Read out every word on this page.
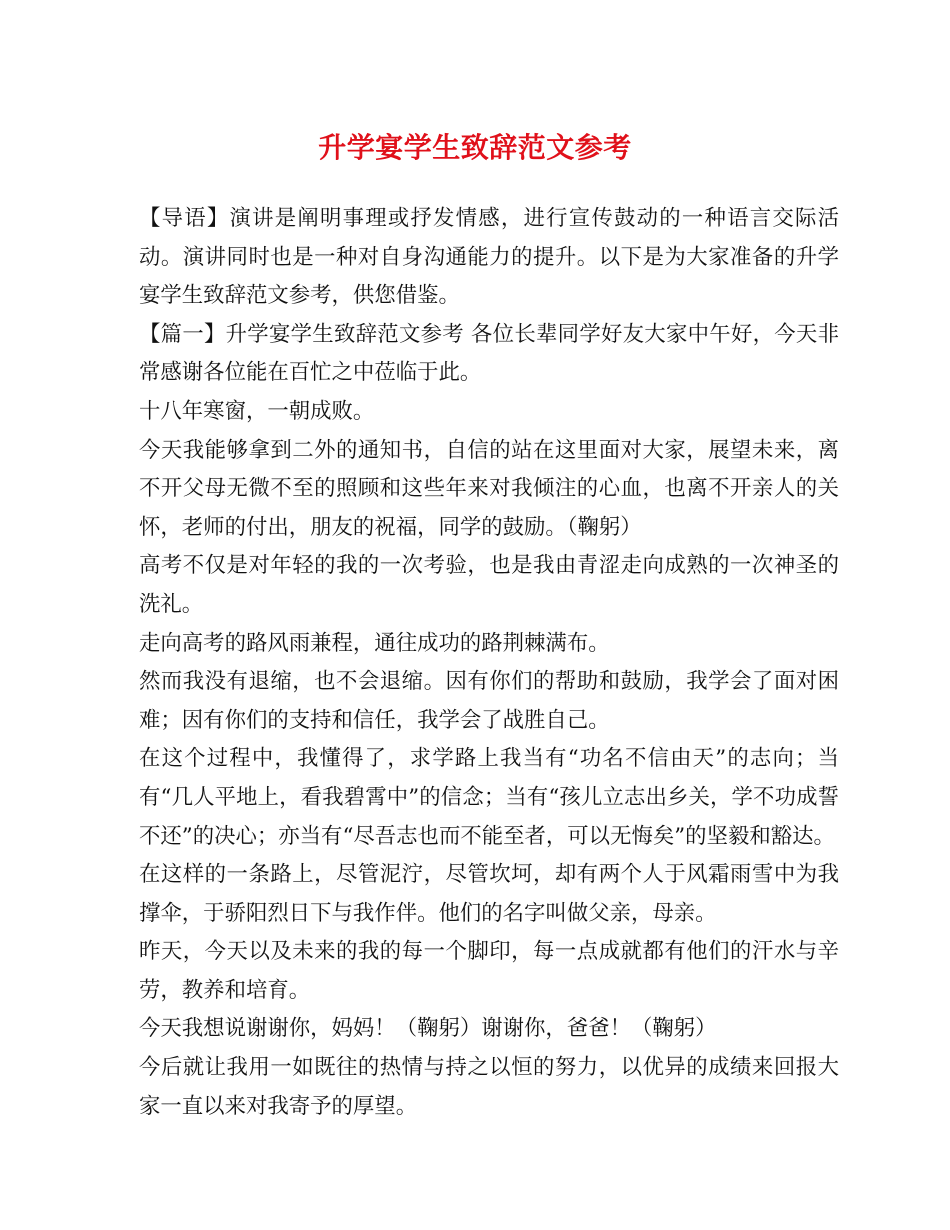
升学宴学生致辞范文参考

【导语】演讲是阐明事理或抒发情感，进行宣传鼓动的一种语言交际活动。演讲同时也是一种对自身沟通能力的提升。以下是为大家准备的升学宴学生致辞范文参考，供您借鉴。

【篇一】升学宴学生致辞范文参考 各位长辈同学好友大家中午好，今天非常感谢各位能在百忙之中莅临于此。

十八年寒窗，一朝成败。

今天我能够拿到二外的通知书，自信的站在这里面对大家，展望未来，离不开父母无微不至的照顾和这些年来对我倾注的心血，也离不开亲人的关怀，老师的付出，朋友的祝福，同学的鼓励。（鞠躬）

高考不仅是对年轻的我的一次考验，也是我由青涩走向成熟的一次神圣的洗礼。

走向高考的路风雨兼程，通往成功的路荆棘满布。

然而我没有退缩，也不会退缩。因有你们的帮助和鼓励，我学会了面对困难；因有你们的支持和信任，我学会了战胜自己。

在这个过程中，我懂得了，求学路上我当有“功名不信由天”的志向；当有“几人平地上，看我碧霄中”的信念；当有“孩儿立志出乡关，学不功成誓不还”的决心；亦当有“尽吾志也而不能至者，可以无悔矣”的坚毅和豁达。

在这样的一条路上，尽管泥泞，尽管坎坷，却有两个人于风霜雨雪中为我撑伞，于骄阳烈日下与我作伴。他们的名字叫做父亲，母亲。

昨天，今天以及未来的我的每一个脚印，每一点成就都有他们的汗水与辛劳，教养和培育。

今天我想说谢谢你，妈妈！（鞠躬）谢谢你，爸爸！（鞠躬）

今后就让我用一如既往的热情与持之以恒的努力，以优异的成绩来回报大家一直以来对我寄予的厚望。
